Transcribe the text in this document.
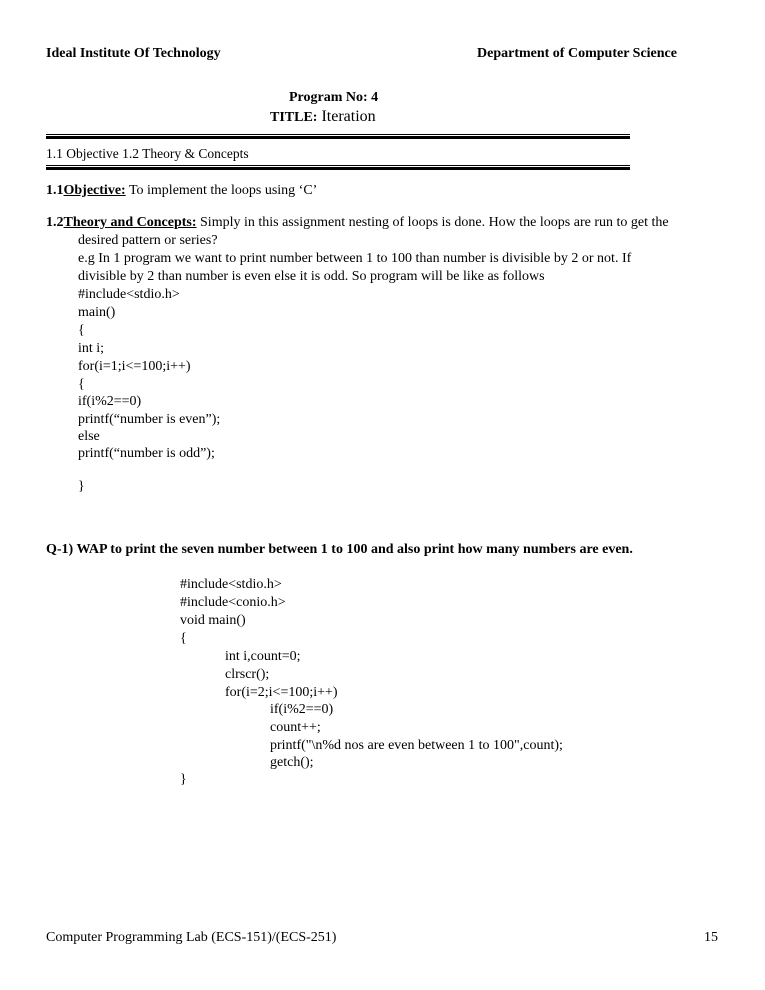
Ideal Institute Of Technology	Department of Computer Science
Program No: 4
TITLE: Iteration
1.1 Objective 1.2 Theory & Concepts
1.1Objective: To implement the loops using ‘C’
1.2Theory and Concepts: Simply in this assignment nesting of loops is done. How the loops are run to get the
desired pattern or series?
e.g In 1 program we want to print number between 1 to 100 than number is divisible by 2 or not. If
divisible by 2 than number is even else it is odd. So program will be like as follows
#include<stdio.h>
main()
{
int i;
for(i=1;i<=100;i++)
{
if(i%2==0)
printf(“number is even”);
else
printf(“number is odd”);
}
Q-1) WAP to print the seven number between 1 to 100 and also print how many numbers are even.
#include<stdio.h>
#include<conio.h>
void main()
{
int i,count=0;
clrscr();
for(i=2;i<=100;i++)
if(i%2==0)
count++;
printf("\n%d nos are even between 1 to 100",count);
getch();
}
Computer Programming Lab (ECS-151)/(ECS-251)	15
